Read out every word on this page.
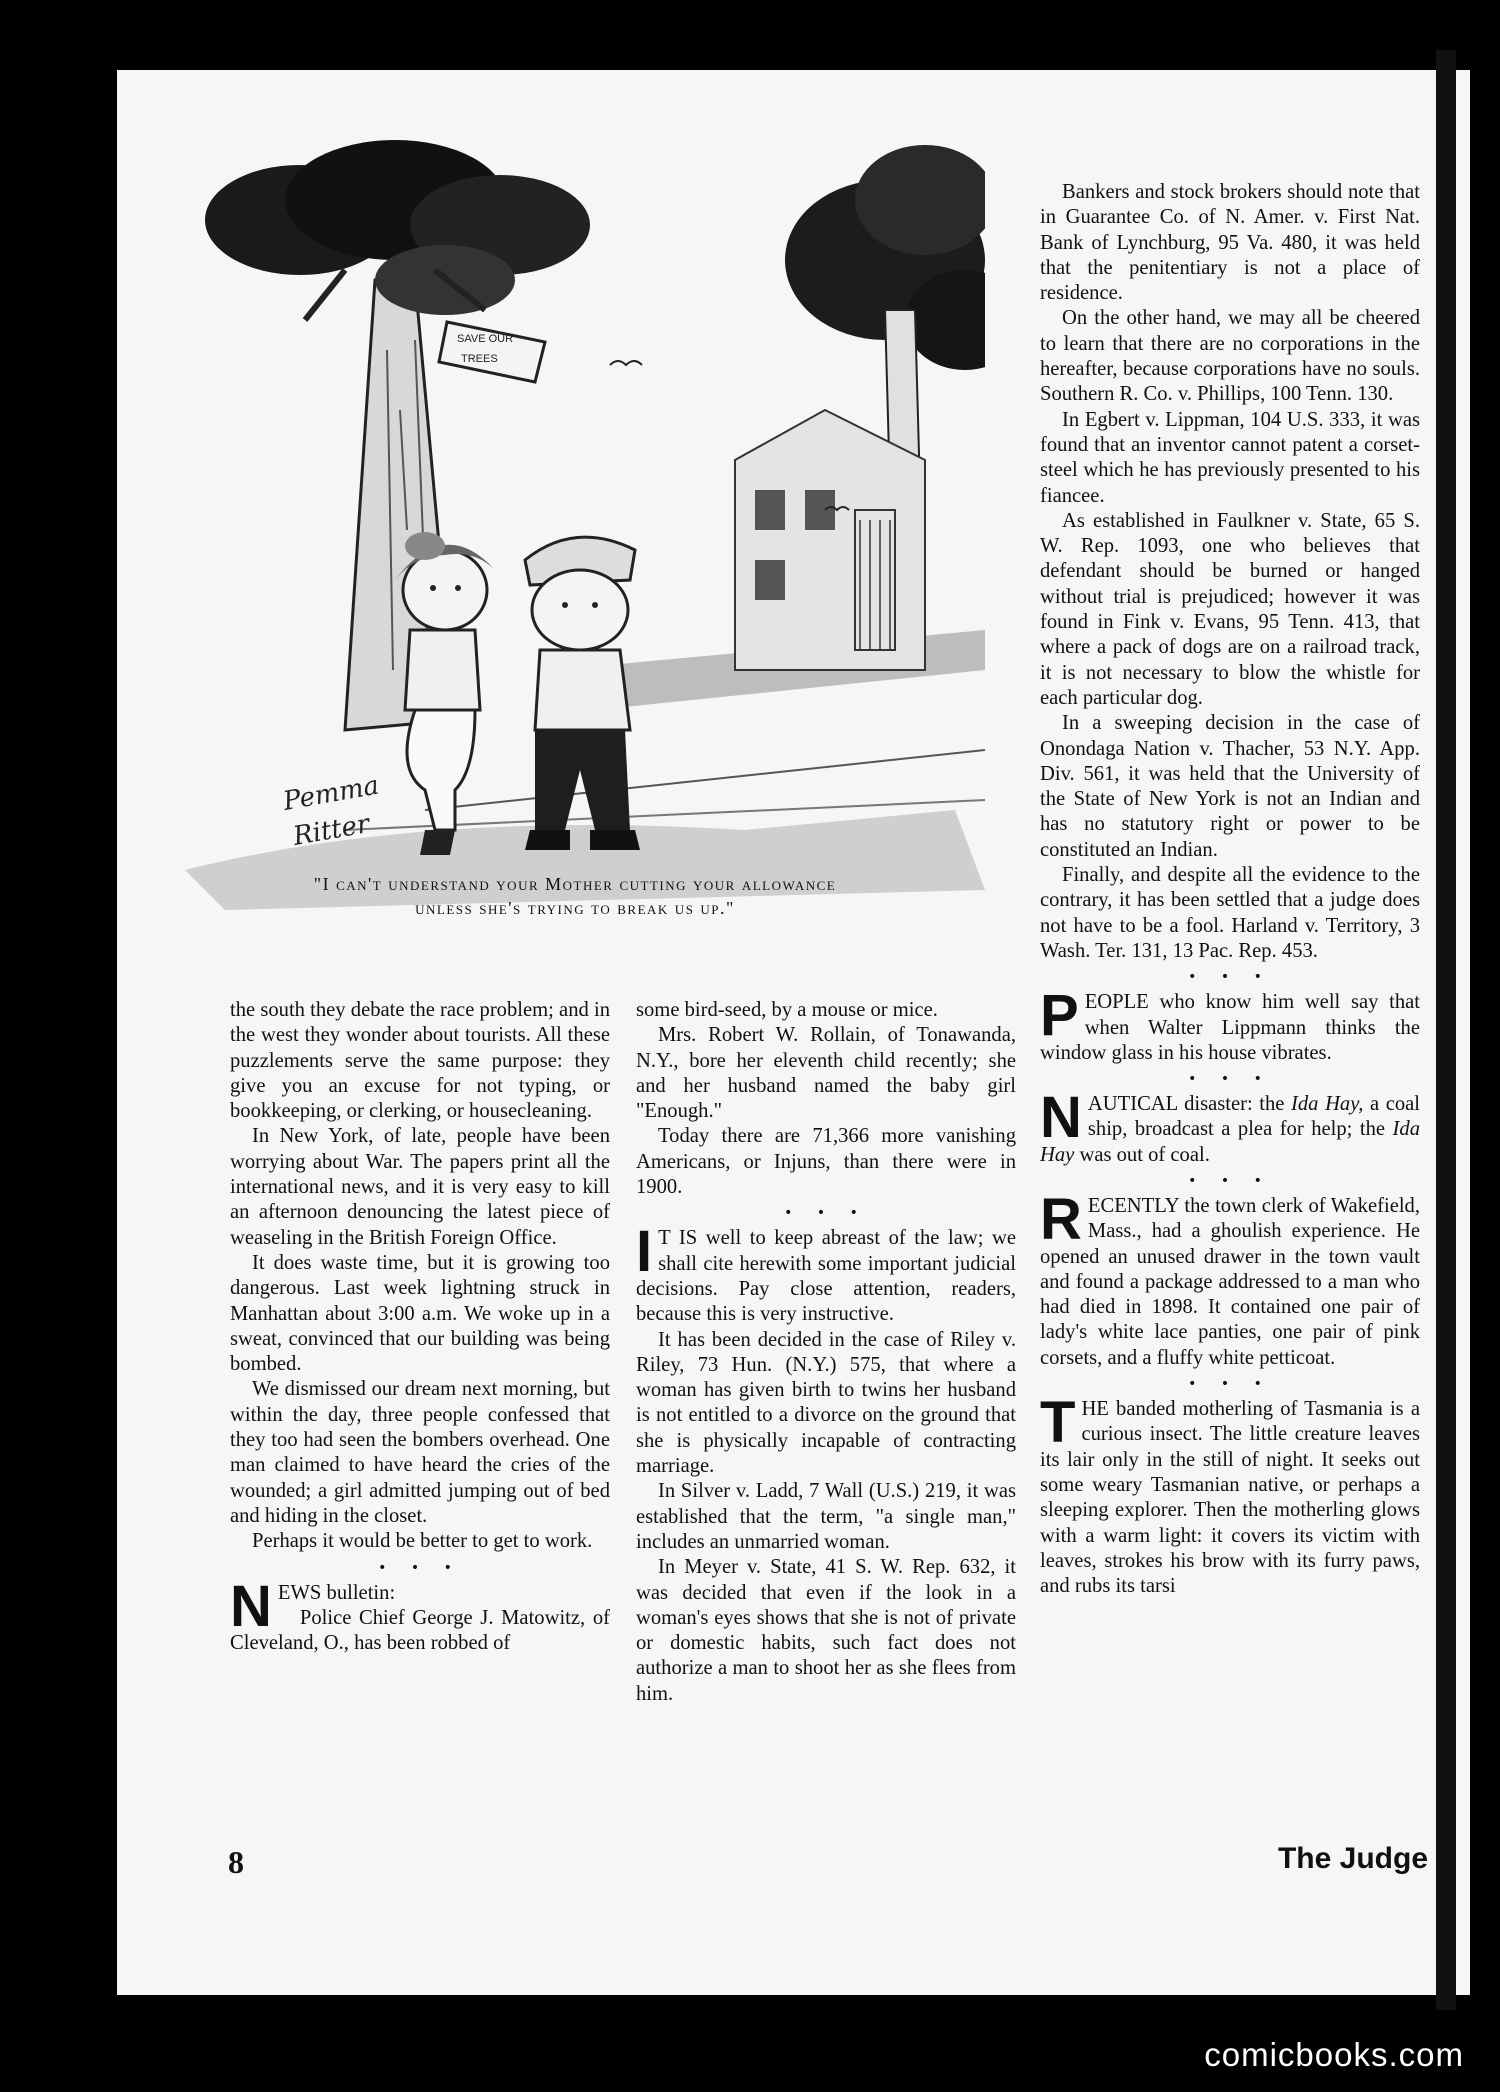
SAVE OUR
TREES
Pemma
Ritter
"I can't understand your Mother cutting your allowance
unless she's trying to break us up."

the south they debate the race problem; and in the west they wonder about tourists. All these puzzlements serve the same purpose: they give you an excuse for not typing, or bookkeeping, or clerking, or housecleaning.

In New York, of late, people have been worrying about War. The papers print all the international news, and it is very easy to kill an afternoon denouncing the latest piece of weaseling in the British Foreign Office.

It does waste time, but it is growing too dangerous. Last week lightning struck in Manhattan about 3:00 a.m. We woke up in a sweat, convinced that our building was being bombed.

We dismissed our dream next morning, but within the day, three people confessed that they too had seen the bombers overhead. One man claimed to have heard the cries of the wounded; a girl admitted jumping out of bed and hiding in the closet.

Perhaps it would be better to get to work.

• • •

NEWS bulletin:

Police Chief George J. Matowitz, of Cleveland, O., has been robbed of

some bird-seed, by a mouse or mice.

Mrs. Robert W. Rollain, of Tonawanda, N.Y., bore her eleventh child recently; she and her husband named the baby girl "Enough."

Today there are 71,366 more vanishing Americans, or Injuns, than there were in 1900.

• • •

I T IS well to keep abreast of the law; we shall cite herewith some important judicial decisions. Pay close attention, readers, because this is very instructive.

It has been decided in the case of Riley v. Riley, 73 Hun. (N.Y.) 575, that where a woman has given birth to twins her husband is not entitled to a divorce on the ground that she is physically incapable of contracting marriage.

In Silver v. Ladd, 7 Wall (U.S.) 219, it was established that the term, "a single man," includes an unmarried woman.

In Meyer v. State, 41 S. W. Rep. 632, it was decided that even if the look in a woman's eyes shows that she is not of private or domestic habits, such fact does not authorize a man to shoot her as she flees from him.

Bankers and stock brokers should note that in Guarantee Co. of N. Amer. v. First Nat. Bank of Lynchburg, 95 Va. 480, it was held that the penitentiary is not a place of residence.

On the other hand, we may all be cheered to learn that there are no corporations in the hereafter, because corporations have no souls. Southern R. Co. v. Phillips, 100 Tenn. 130.

In Egbert v. Lippman, 104 U.S. 333, it was found that an inventor cannot patent a corset-steel which he has previously presented to his fiancee.

As established in Faulkner v. State, 65 S. W. Rep. 1093, one who believes that defendant should be burned or hanged without trial is prejudiced; however it was found in Fink v. Evans, 95 Tenn. 413, that where a pack of dogs are on a railroad track, it is not necessary to blow the whistle for each particular dog.

In a sweeping decision in the case of Onondaga Nation v. Thacher, 53 N.Y. App. Div. 561, it was held that the University of the State of New York is not an Indian and has no statutory right or power to be constituted an Indian.

Finally, and despite all the evidence to the contrary, it has been settled that a judge does not have to be a fool. Harland v. Territory, 3 Wash. Ter. 131, 13 Pac. Rep. 453.

• • •

PEOPLE who know him well say that when Walter Lippmann thinks the window glass in his house vibrates.

• • •

NAUTICAL disaster: the Ida Hay, a coal ship, broadcast a plea for help; the Ida Hay was out of coal.

• • •

RECENTLY the town clerk of Wakefield, Mass., had a ghoulish experience. He opened an unused drawer in the town vault and found a package addressed to a man who had died in 1898. It contained one pair of lady's white lace panties, one pair of pink corsets, and a fluffy white petticoat.

• • •

THE banded motherling of Tasmania is a curious insect. The little creature leaves its lair only in the still of night. It seeks out some weary Tasmanian native, or perhaps a sleeping explorer. Then the motherling glows with a warm light: it covers its victim with leaves, strokes his brow with its furry paws, and rubs its tarsi

8	The Judge
comicbooks.com
